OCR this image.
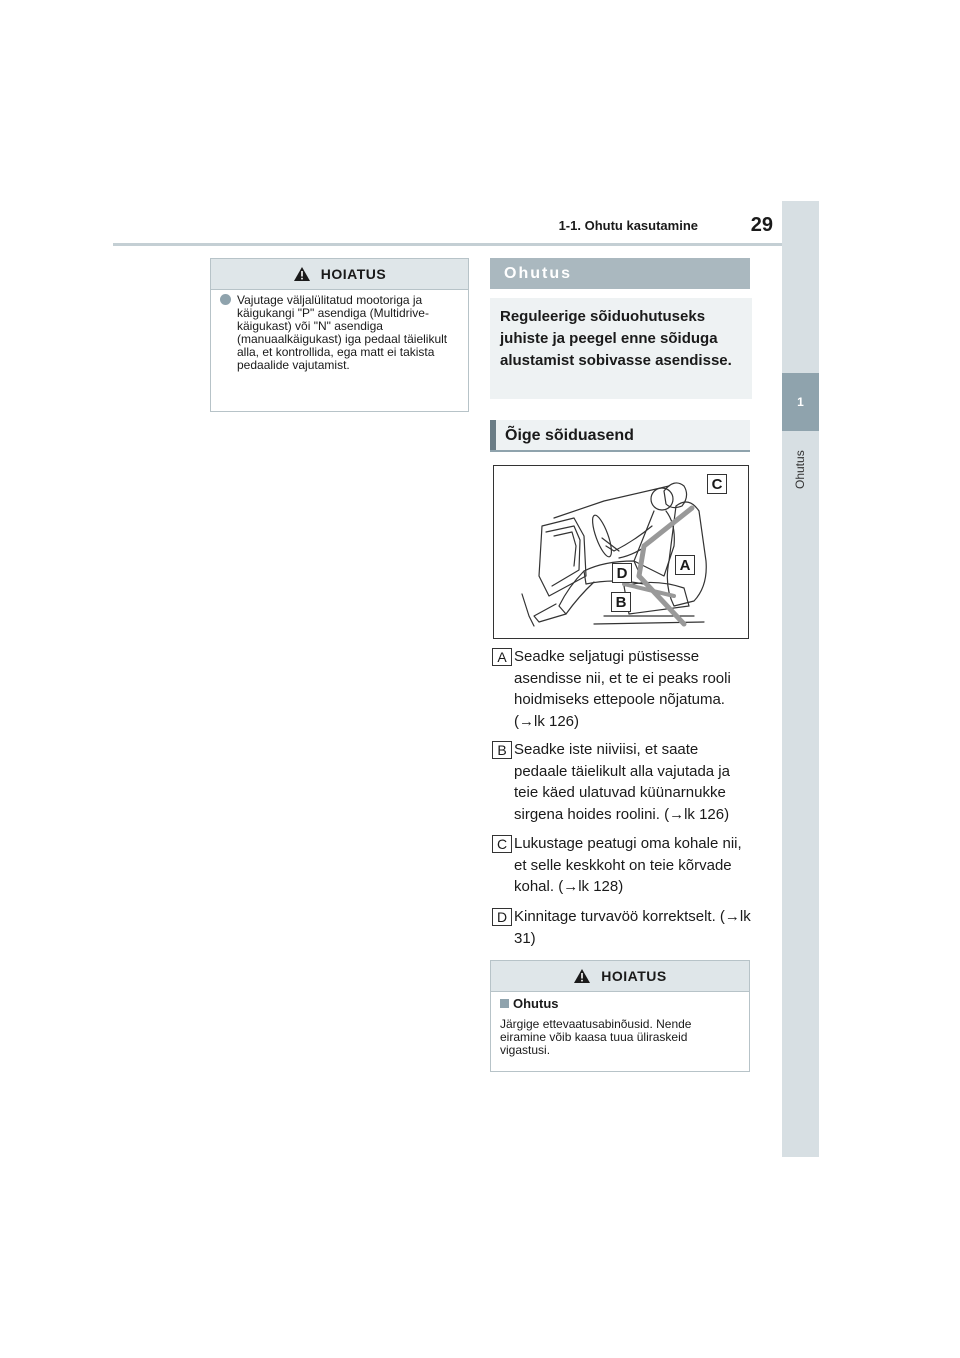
1-1. Ohutu kasutamine	29
1
Ohutus
HOIATUS
Vajutage väljalülitatud mootoriga ja käigukangi "P" asendiga (Multidrive-käigukast) või "N" asendiga (manuaalkäigukast) iga pedaal täielikult alla, et kontrollida, ega matt ei takista pedaalide vajutamist.
Ohutus
Reguleerige sõiduohutuseks juhiste ja peegel enne sõiduga alustamist sobivasse asendisse.
Õige sõiduasend
C
A
D
B
A Seadke seljatugi püstisesse asendisse nii, et te ei peaks rooli hoidmiseks ettepoole nõjatuma. (→lk 126)
B Seadke iste niiviisi, et saate pedaale täielikult alla vajutada ja teie käed ulatuvad küünarnukke sirgena hoides roolini. (→lk 126)
C Lukustage peatugi oma kohale nii, et selle keskkoht on teie kõrvade kohal. (→lk 128)
D Kinnitage turvavöö korrektselt. (→lk 31)
HOIATUS
Ohutus
Järgige ettevaatusabinõusid. Nende eiramine võib kaasa tuua üliraskeid vigastusi.
